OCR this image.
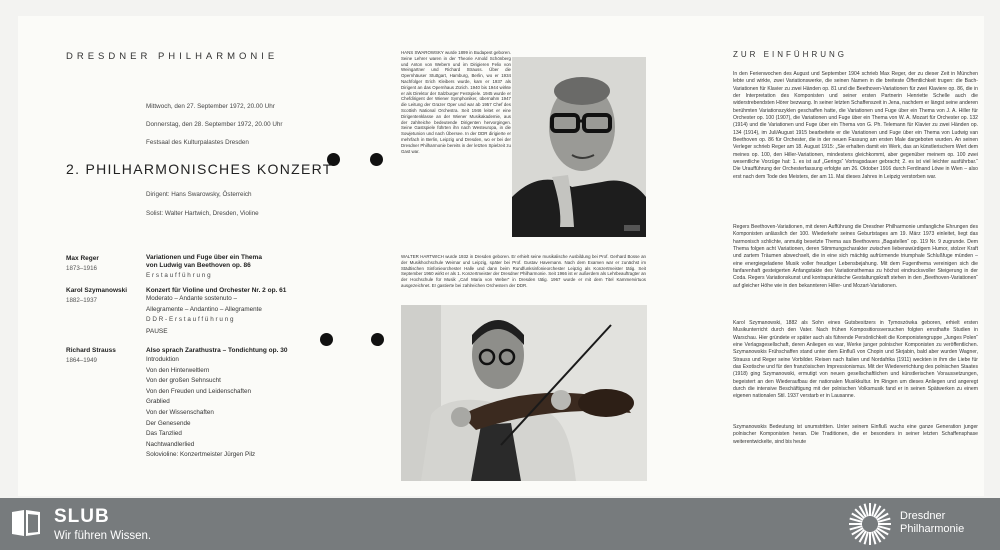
DRESDNER PHILHARMONIE
Mittwoch, den 27. September 1972, 20.00 Uhr
Donnerstag, den 28. September 1972, 20.00 Uhr
Festsaal des Kulturpalastes Dresden
2. PHILHARMONISCHES KONZERT
Dirigent: Hans Swarowsky, Österreich
Solist: Walter Hartwich, Dresden, Violine
Max Reger
1873–1916
Variationen und Fuge über ein Thema
von Ludwig van Beethoven op. 86
Erstaufführung
Karol Szymanowski
1882–1937
Konzert für Violine und Orchester Nr. 2 op. 61
Moderato – Andante sostenuto –
Allegramente – Andantino – Allegramente
DDR-Erstaufführung
PAUSE
Richard Strauss
1864–1949
Also sprach Zarathustra – Tondichtung op. 30
Introduktion
Von den Hinterweltlern
Von der großen Sehnsucht
Von den Freuden und Leidenschaften
Grablied
Von der Wissenschaften
Der Genesende
Das Tanzlied
Nachtwandlerlied
Solovioline: Konzertmeister Jürgen Pilz
HANS SWAROWSKY wurde 1899 in Budapest geboren. Seine Lehrer waren in der Theorie Arnold Schönberg und Anton von Webern und im Dirigieren Felix von Weingartner und Richard Strauss. Über die Opernhäuser Stuttgart, Hamburg, Berlin, wo er 1934 Nachfolger Erich Kleibers wurde, kam er 1937 als Dirigent an das Opernhaus Zürich. 1940 bis 1944 wirkte er als Direktor der Salzburger Festspiele. 1945 wurde er Chefdirigent der Wiener Symphoniker, übernahm 1947 die Leitung der Grazer Oper und war ab 1957 Chef des Scottish National Orchestra. Seit 1946 leitet er eine Dirigentenklasse an der Wiener Musikakademie, aus der zahlreiche bedeutende Dirigenten hervorgingen. Seine Gastspiele führten ihn nach Westeuropa, in die Sowjetunion und nach Übersee. In der DDR dirigierte er mehrfach in Berlin, Leipzig und Dresden, wo er bei der Dresdner Philharmonie bereits in der letzten Spielzeit zu Gast war.
WALTER HARTWICH wurde 1932 in Dresden geboren. Er erhielt seine musikalische Ausbildung bei Prof. Gerhard Bosse an der Musikhochschule Weimar und Leipzig, später bei Prof. Gustav Havemann. Nach dem Examen war er zunächst im Städtischen Sinfonieorchester Halle und dann beim Rundfunksinfonieorchester Leipzig als Konzertmeister tätig. Seit September 1960 wirkt er als 1. Konzertmeister der Dresdner Philharmonie. Seit 1966 ist er außerdem als Lehrbeauftragter an der Hochschule für Musik „Carl Maria von Weber“ in Dresden tätig. 1967 wurde er mit dem Titel Kammervirtuos ausgezeichnet. Er gastierte bei zahlreichen Orchestern der DDR.
ZUR EINFÜHRUNG
In den Ferienwochen des August und September 1904 schrieb Max Reger, der zu dieser Zeit in München lebte und wirkte, zwei Variationswerke, die seinen Namen in die breiteste Öffentlichkeit trugen: die Bach-Variationen für Klavier zu zwei Händen op. 81 und die Beethoven-Variationen für zwei Klaviere op. 86, die in der Interpretation des Komponisten und seiner ersten Partnerin Henriette Schelle auch die widerstrebendsten Hörer bezwang. In seiner letzten Schaffenszeit in Jena, nachdem er längst seine anderen berühmten Variationszyklen geschaffen hatte, die Variationen und Fuge über ein Thema von J. A. Hiller für Orchester op. 100 (1907), die Variationen und Fuge über ein Thema von W. A. Mozart für Orchester op. 132 (1914) und die Variationen und Fuge über ein Thema von G. Ph. Telemann für Klavier zu zwei Händen op. 134 (1914), im Juli/August 1915 bearbeitete er die Variationen und Fuge über ein Thema von Ludwig van Beethoven op. 86 für Orchester, die in der neuen Fassung am ersten Male dargeboten wurden. An seinen Verleger schrieb Reger am 18. August 1915: „Sie erhalten damit ein Werk, das an künstlerischem Wert dem meines op. 100, den Hiller-Variationen, mindestens gleichkommt, aber gegenüber meinem op. 100 zwei wesentliche Vorzüge hat: 1. es ist auf „Gerings“ Vortragsdauer gebracht; 2. es ist viel leichter ausführbar.“ Die Uraufführung der Orchesterfassung erfolgte am 26. Oktober 1916 durch Ferdinand Löwe in Wien – also erst nach dem Tode des Meisters, der am 11. Mai dieses Jahres in Leipzig verstorben war.
Regers Beethoven-Variationen, mit deren Aufführung die Dresdner Philharmonie umfangliche Ehrungen des Komponisten anlässlich der 100. Wiederkehr seines Geburtstages am 19. März 1973 einleitet, liegt das harmonisch schlichte, anmutig besetzte Thema aus Beethovens „Bagatellen“ op. 119 Nr. 9 zugrunde. Dem Thema folgen acht Variationen, deren Stimmungscharakter zwischen liebenswürdigem Humor, stolzer Kraft und zartem Träumen abwechselt, die in eine sich mächtig aufrürmende triumphale Schlußfuge münden – eine energiegeladene Musik voller freudiger Lebensbejahung. Mit dem Fugenthema vereinigen sich die fanfarenhaft gesteigerten Anfangstakte des Variationsthemas zu höchst eindrucksvoller Steigerung in der Coda. Regers Variationskunst und kontrapunktische Gestaltungskraft stehen in den „Beethoven-Variationen“ auf gleicher Höhe wie in den bekannteren Hiller- und Mozart-Variationen.
Karol Szymanowski, 1882 als Sohn eines Gutsbesitzers in Tymoszówka geboren, erhielt ersten Musikunterricht durch den Vater. Nach frühen Kompositionsversuchen folgten ernsthafte Studien in Warschau. Hier gründete er später auch als führende Persönlichkeit die Komponistengruppe „Junges Polen“ eine Verlagsgesellschaft, deren Anliegen es war, Werke junger polnischer Komponisten zu veröffentlichen. Szymanowskis Frühschaffen stand unter dem Einfluß von Chopin und Skrjabin, bald aber wurden Wagner, Strauss und Reger seine Vorbilder. Reisen nach Italien und Nordafrika (1911) weckten in ihm die Liebe für das Exotische und für den französischen Impressionismus. Mit der Wiedererrichtung des polnischen Staates (1918) ging Szymanowski, ermutigt von neuen gesellschaftlichen und künstlerischen Voraussetzungen, begeistert an den Wiederaufbau der nationalen Musikkultur. Im Ringen um dieses Anliegen und angeregt durch die intensive Beschäftigung mit der polnischen Volksmusik fand er in seinen Spätwerken zu einem eigenen nationalen Stil. 1937 verstarb er in Lausanne.
Szymanowskis Bedeutung ist unumstritten. Unter seinem Einfluß wuchs eine ganze Generation junger polnischer Komponisten heran. Die Traditionen, die er besonders in seiner letzten Schaffensphase weiterentwickelte, sind bis heute
SLUB
Wir führen Wissen.
Dresdner
Philharmonie
